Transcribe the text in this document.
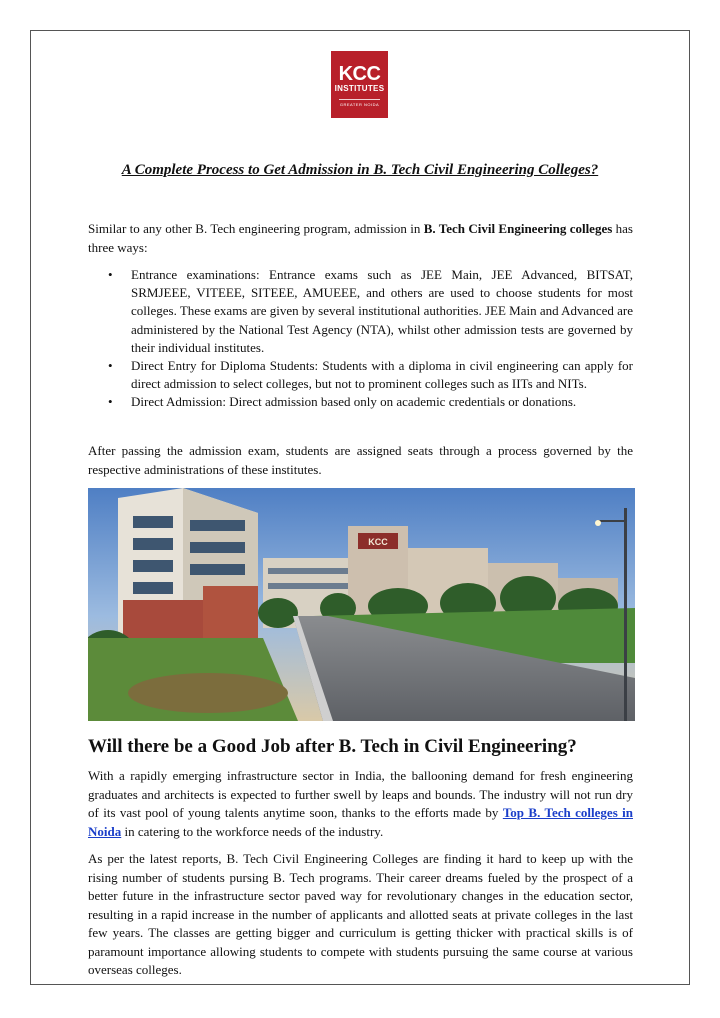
KCC
INSTITUTES
GREATER NOIDA
A Complete Process to Get Admission in B. Tech Civil Engineering Colleges?

Similar to any other B. Tech engineering program, admission in B. Tech Civil Engineering colleges has three ways:

• Entrance examinations: Entrance exams such as JEE Main, JEE Advanced, BITSAT, SRMJEEE, VITEEE, SITEEE, AMUEEE, and others are used to choose students for most colleges. These exams are given by several institutional authorities. JEE Main and Advanced are administered by the National Test Agency (NTA), whilst other admission tests are governed by their individual institutes.
• Direct Entry for Diploma Students: Students with a diploma in civil engineering can apply for direct admission to select colleges, but not to prominent colleges such as IITs and NITs.
• Direct Admission: Direct admission based only on academic credentials or donations.

After passing the admission exam, students are assigned seats through a process governed by the respective administrations of these institutes.

KCC
Will there be a Good Job after B. Tech in Civil Engineering?

With a rapidly emerging infrastructure sector in India, the ballooning demand for fresh engineering graduates and architects is expected to further swell by leaps and bounds. The industry will not run dry of its vast pool of young talents anytime soon, thanks to the efforts made by Top B. Tech colleges in Noida in catering to the workforce needs of the industry.

As per the latest reports, B. Tech Civil Engineering Colleges are finding it hard to keep up with the rising number of students pursing B. Tech programs. Their career dreams fueled by the prospect of a better future in the infrastructure sector paved way for revolutionary changes in the education sector, resulting in a rapid increase in the number of applicants and allotted seats at private colleges in the last few years. The classes are getting bigger and curriculum is getting thicker with practical skills is of paramount importance allowing students to compete with students pursuing the same course at various overseas colleges.
